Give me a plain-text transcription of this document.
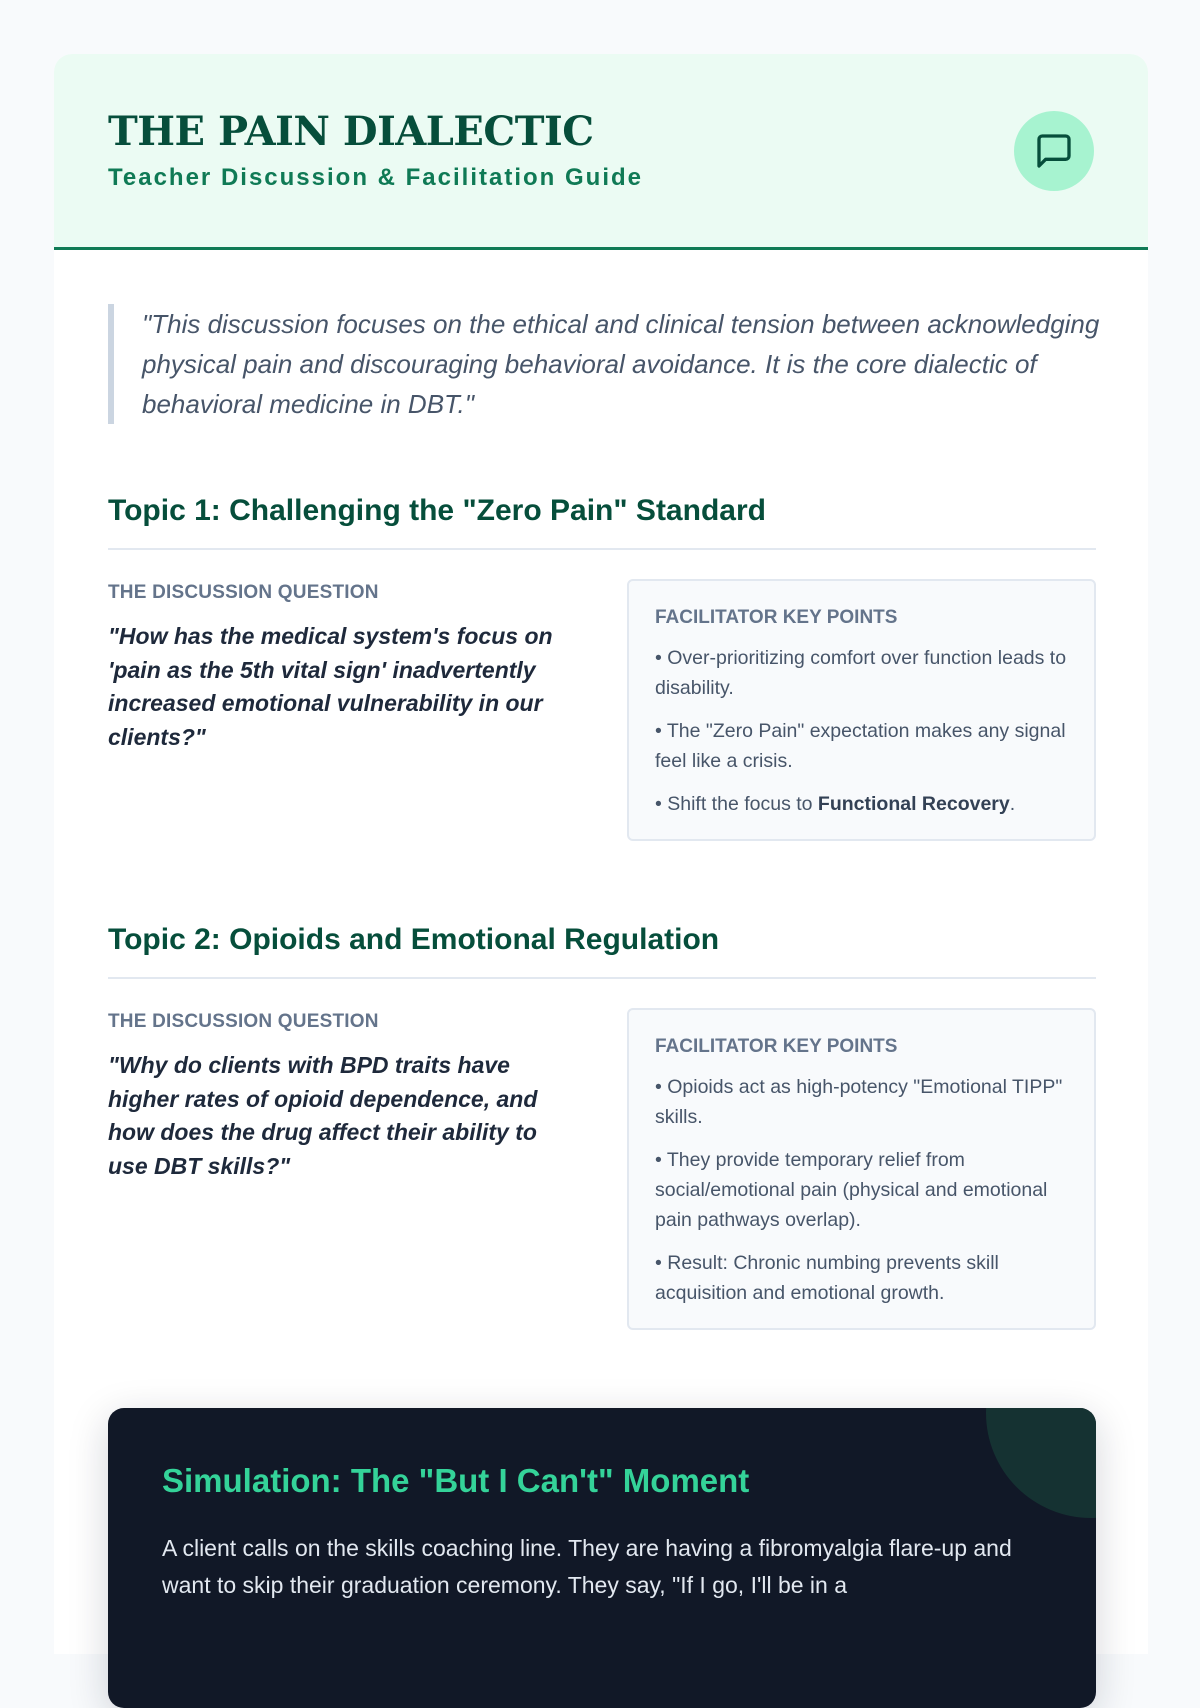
THE PAIN DIALECTIC
Teacher Discussion & Facilitation Guide
"This discussion focuses on the ethical and clinical tension between acknowledging physical pain and discouraging behavioral avoidance. It is the core dialectic of behavioral medicine in DBT."
Topic 1: Challenging the "Zero Pain" Standard
THE DISCUSSION QUESTION
"How has the medical system's focus on 'pain as the 5th vital sign' inadvertently increased emotional vulnerability in our clients?"
FACILITATOR KEY POINTS
• Over-prioritizing comfort over function leads to disability.
• The "Zero Pain" expectation makes any signal feel like a crisis.
• Shift the focus to Functional Recovery.
Topic 2: Opioids and Emotional Regulation
THE DISCUSSION QUESTION
"Why do clients with BPD traits have higher rates of opioid dependence, and how does the drug affect their ability to use DBT skills?"
FACILITATOR KEY POINTS
• Opioids act as high-potency "Emotional TIPP" skills.
• They provide temporary relief from social/emotional pain (physical and emotional pain pathways overlap).
• Result: Chronic numbing prevents skill acquisition and emotional growth.
Simulation: The "But I Can't" Moment

A client calls on the skills coaching line. They are having a fibromyalgia flare-up and want to skip their graduation ceremony. They say, "If I go, I'll be in a
